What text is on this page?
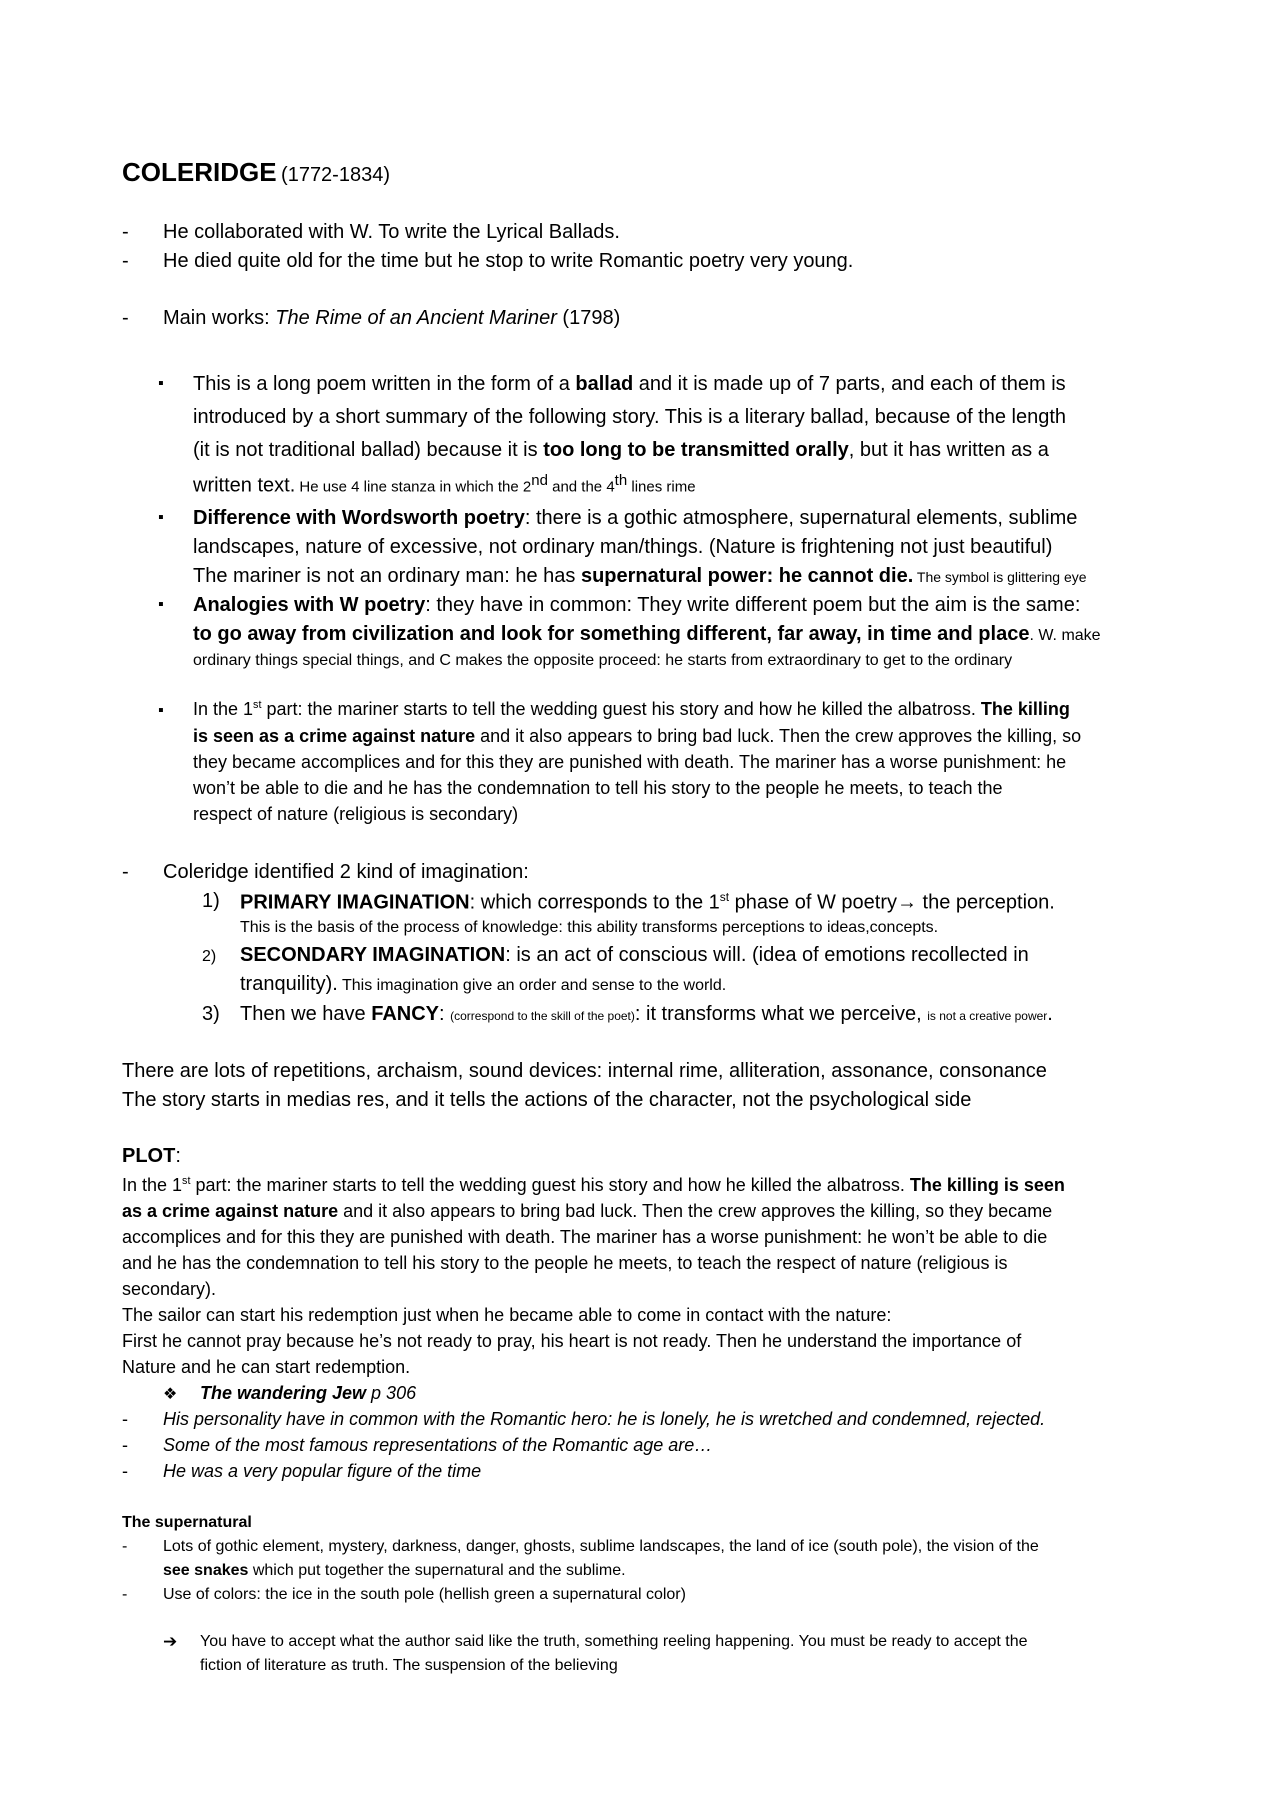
COLERIDGE (1772-1834)
- He collaborated with W. To write the Lyrical Ballads.
- He died quite old for the time but he stop to write Romantic poetry very young.
- Main works: The Rime of an Ancient Mariner (1798)
▪ This is a long poem written in the form of a ballad and it is made up of 7 parts, and each of them is
introduced by a short summary of the following story. This is a literary ballad, because of the length
(it is not traditional ballad) because it is too long to be transmitted orally, but it has written as a
written text. He use 4 line stanza in which the 2nd and the 4th lines rime
▪ Difference with Wordsworth poetry: there is a gothic atmosphere, supernatural elements, sublime
landscapes, nature of excessive, not ordinary man/things. (Nature is frightening not just beautiful)
The mariner is not an ordinary man: he has supernatural power: he cannot die. The symbol is glittering eye
▪ Analogies with W poetry: they have in common: They write different poem but the aim is the same:
to go away from civilization and look for something different, far away, in time and place. W. make
ordinary things special things, and C makes the opposite proceed: he starts from extraordinary to get to the ordinary
▪ In the 1st part: the mariner starts to tell the wedding guest his story and how he killed the albatross. The killing
is seen as a crime against nature and it also appears to bring bad luck. Then the crew approves the killing, so
they became accomplices and for this they are punished with death. The mariner has a worse punishment: he
won’t be able to die and he has the condemnation to tell his story to the people he meets, to teach the
respect of nature (religious is secondary)
- Coleridge identified 2 kind of imagination:
1) PRIMARY IMAGINATION: which corresponds to the 1st phase of W poetry→ the perception.
This is the basis of the process of knowledge: this ability transforms perceptions to ideas,concepts.
2) SECONDARY IMAGINATION: is an act of conscious will. (idea of emotions recollected in
tranquility). This imagination give an order and sense to the world.
3) Then we have FANCY: (correspond to the skill of the poet): it transforms what we perceive, is not a creative power.
There are lots of repetitions, archaism, sound devices: internal rime, alliteration, assonance, consonance
The story starts in medias res, and it tells the actions of the character, not the psychological side
PLOT:
In the 1st part: the mariner starts to tell the wedding guest his story and how he killed the albatross. The killing is seen
as a crime against nature and it also appears to bring bad luck. Then the crew approves the killing, so they became
accomplices and for this they are punished with death. The mariner has a worse punishment: he won’t be able to die
and he has the condemnation to tell his story to the people he meets, to teach the respect of nature (religious is
secondary).
The sailor can start his redemption just when he became able to come in contact with the nature:
First he cannot pray because he’s not ready to pray, his heart is not ready. Then he understand the importance of
Nature and he can start redemption.
❖ The wandering Jew p 306
- His personality have in common with the Romantic hero: he is lonely, he is wretched and condemned, rejected.
- Some of the most famous representations of the Romantic age are…
- He was a very popular figure of the time
The supernatural
- Lots of gothic element, mystery, darkness, danger, ghosts, sublime landscapes, the land of ice (south pole), the vision of the
see snakes which put together the supernatural and the sublime.
- Use of colors: the ice in the south pole (hellish green a supernatural color)
➔ You have to accept what the author said like the truth, something reeling happening. You must be ready to accept the
fiction of literature as truth. The suspension of the believing
